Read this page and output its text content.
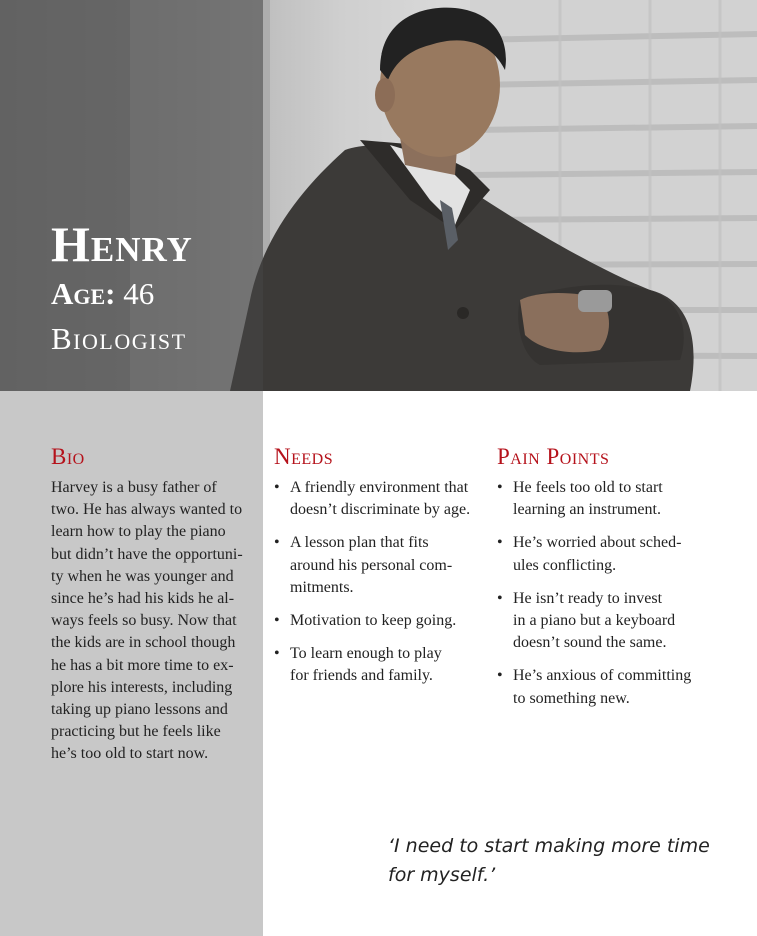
Henry
Age: 46
Biologist
Bio
Harvey is a busy father of
two. He has always wanted to
learn how to play the piano
but didn’t have the opportuni-
ty when he was younger and
since he’s had his kids he al-
ways feels so busy. Now that
the kids are in school though
he has a bit more time to ex-
plore his interests, including
taking up piano lessons and
practicing but he feels like
he’s too old to start now.
Needs
• A friendly environment that
doesn’t discriminate by age.
• A lesson plan that fits
around his personal com-
mitments.
• Motivation to keep going.
• To learn enough to play
for friends and family.
Pain Points
• He feels too old to start
learning an instrument.
• He’s worried about sched-
ules conflicting.
• He isn’t ready to invest
in a piano but a keyboard
doesn’t sound the same.
• He’s anxious of committing
to something new.
‘I need to start making more time
for myself.’
